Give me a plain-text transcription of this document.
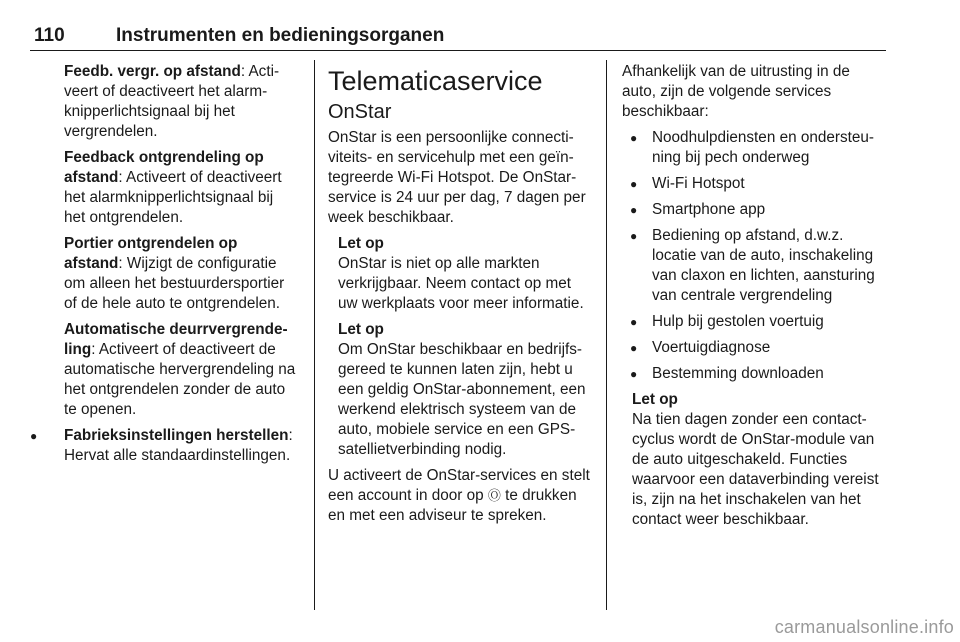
110	Instrumenten en bedieningsorganen

Feedb. vergr. op afstand: Activeert of deactiveert het alarmknipperlichtsignaal bij het vergrendelen.

Feedback ontgrendeling op afstand: Activeert of deactiveert het alarmknipperlichtsignaal bij het ontgrendelen.

Portier ontgrendelen op afstand: Wijzigt de configuratie om alleen het bestuurdersportier of de hele auto te ontgrendelen.

Automatische deurrvergrendeling: Activeert of deactiveert de automatische hervergrendeling na het ontgrendelen zonder de auto te openen.

● Fabrieksinstellingen herstellen: Hervat alle standaardinstellingen.
Telematicaservice
OnStar

OnStar is een persoonlijke connectiviteits- en servicehulp met een geïntegreerde Wi-Fi Hotspot. De OnStar-service is 24 uur per dag, 7 dagen per week beschikbaar.

Let op
OnStar is niet op alle markten verkrijgbaar. Neem contact op met uw werkplaats voor meer informatie.
Let op
Om OnStar beschikbaar en bedrijfsgereed te kunnen laten zijn, hebt u een geldig OnStar-abonnement, een werkend elektrisch systeem van de auto, mobiele service en een GPS-satellietverbinding nodig.

U activeert de OnStar-services en stelt een account in door op Ⓞ te drukken en met een adviseur te spreken.

Afhankelijk van de uitrusting in de auto, zijn de volgende services beschikbaar:

● Noodhulpdiensten en ondersteuning bij pech onderweg
● Wi-Fi Hotspot
● Smartphone app
● Bediening op afstand, d.w.z. locatie van de auto, inschakeling van claxon en lichten, aansturing van centrale vergrendeling
● Hulp bij gestolen voertuig
● Voertuigdiagnose
● Bestemming downloaden
Let op
Na tien dagen zonder een contactcyclus wordt de OnStar-module van de auto uitgeschakeld. Functies waarvoor een dataverbinding vereist is, zijn na het inschakelen van het contact weer beschikbaar.
carmanualsonline.info
